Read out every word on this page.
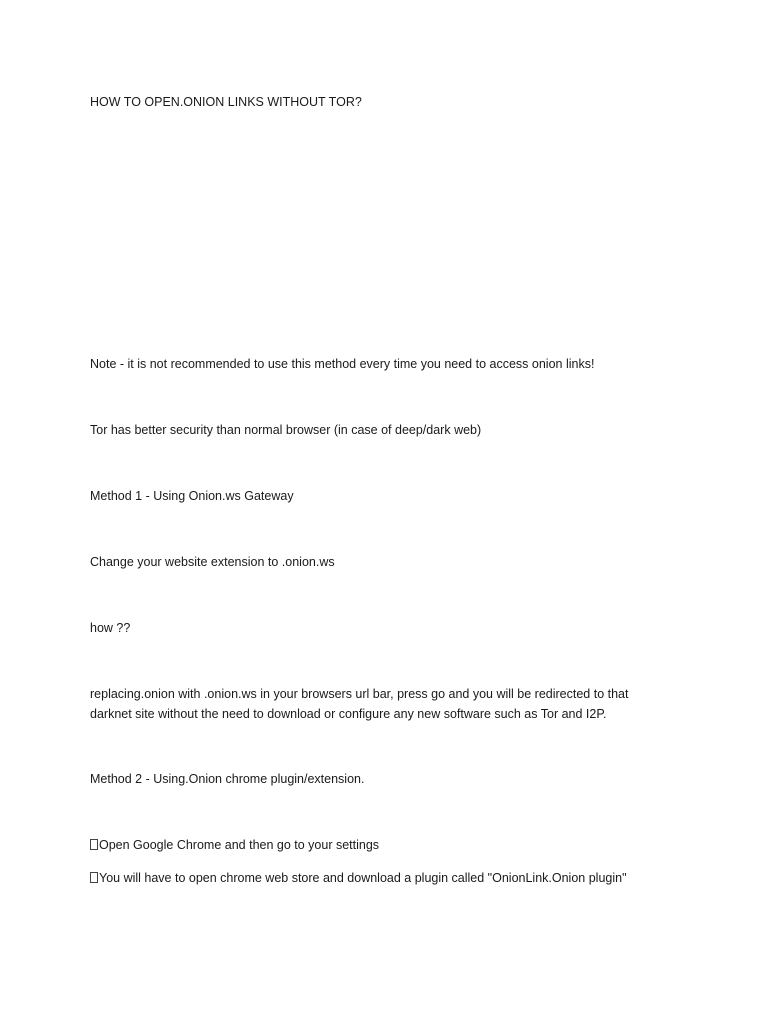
HOW TO OPEN.ONION LINKS WITHOUT TOR?
Note - it is not recommended to use this method every time you need to access onion links!
Tor has better security than normal browser (in case of deep/dark web)
Method 1 - Using Onion.ws Gateway
Change your website extension to .onion.ws
how ??
replacing.onion with .onion.ws in your browsers url bar, press go and you will be redirected to that darknet site without the need to download or configure any new software such as Tor and I2P.
Method 2 - Using.Onion chrome plugin/extension.
Open Google Chrome and then go to your settings
You will have to open chrome web store and download a plugin called "OnionLink.Onion plugin"
